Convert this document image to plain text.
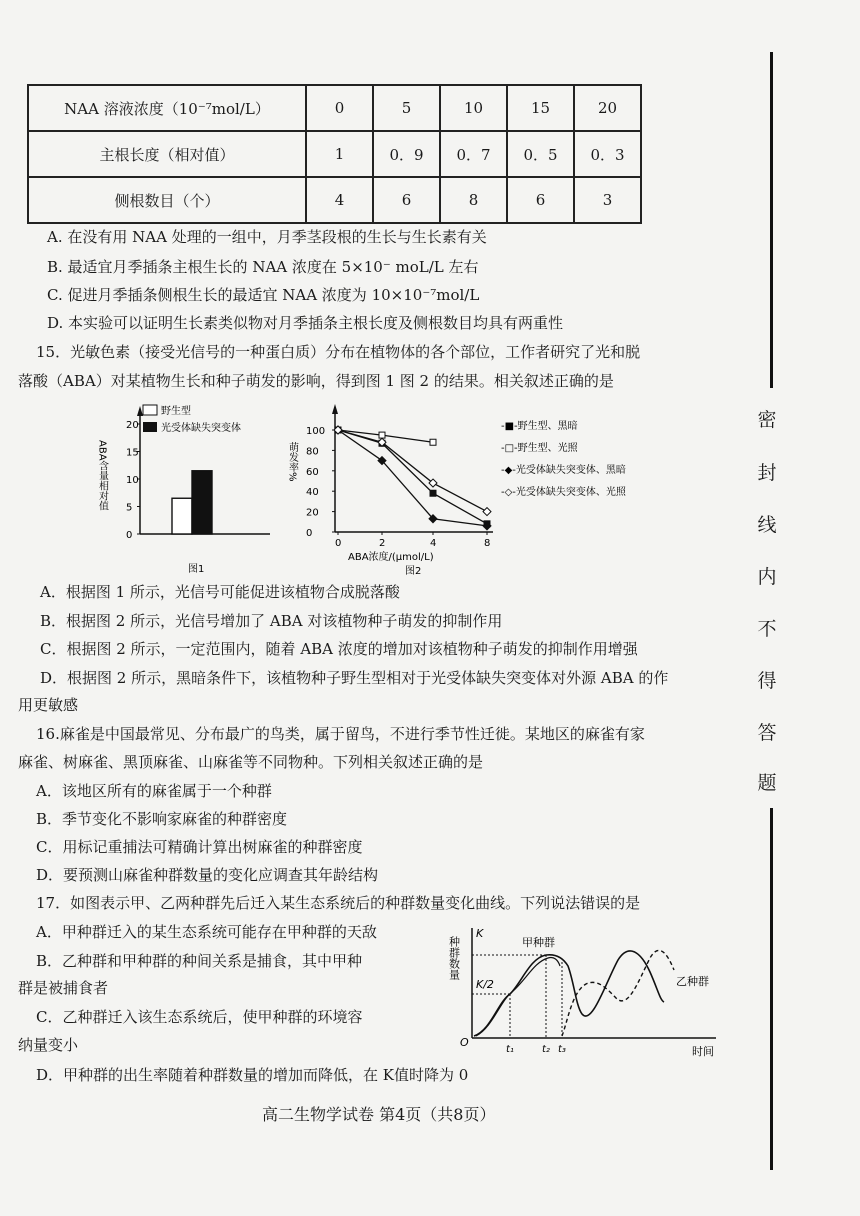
NAA 溶液浓度（10⁻⁷mol/L）	0	5	10	15	20
主根长度（相对值）	1	0．9	0．7	0．5	0．3
侧根数目（个）	4	6	8	6	3
A. 在没有用 NAA 处理的一组中，月季茎段根的生长与生长素有关
B. 最适宜月季插条主根生长的 NAA 浓度在 5×10⁻ moL/L 左右
C. 促进月季插条侧根生长的最适宜 NAA 浓度为 10×10⁻⁷mol/L
D. 本实验可以证明生长素类似物对月季插条主根长度及侧根数目均具有两重性
15．光敏色素（接受光信号的一种蛋白质）分布在植物体的各个部位，工作者研究了光和脱
落酸（ABA）对某植物生长和种子萌发的影响，得到图 1 图 2 的结果。相关叙述正确的是
ABA含量相对值
0
5
10
15
20
野生型
光受体缺失突变体
图1
萌发率%
0
20
40
60
80
100
0	2	4	8
ABA浓度/(μmol/L)
图2
-■-野生型、黑暗
-□-野生型、光照
-◆-光受体缺失突变体、黑暗
-◇-光受体缺失突变体、光照
A．根据图 1 所示，光信号可能促进该植物合成脱落酸
B．根据图 2 所示，光信号增加了 ABA 对该植物种子萌发的抑制作用
C．根据图 2 所示，一定范围内，随着 ABA 浓度的增加对该植物种子萌发的抑制作用增强
D．根据图 2 所示，黑暗条件下，该植物种子野生型相对于光受体缺失突变体对外源 ABA 的作
用更敏感
16.麻雀是中国最常见、分布最广的鸟类，属于留鸟，不进行季节性迁徙。某地区的麻雀有家
麻雀、树麻雀、黑顶麻雀、山麻雀等不同物种。下列相关叙述正确的是
A．该地区所有的麻雀属于一个种群
B．季节变化不影响家麻雀的种群密度
C．用标记重捕法可精确计算出树麻雀的种群密度
D．要预测山麻雀种群数量的变化应调查其年龄结构
17．如图表示甲、乙两种群先后迁入某生态系统后的种群数量变化曲线。下列说法错误的是
A．甲种群迁入的某生态系统可能存在甲种群的天敌
B．乙种群和甲种群的种间关系是捕食，其中甲种
群是被捕食者
C．乙种群迁入该生态系统后，使甲种群的环境容
纳量变小
D．甲种群的出生率随着种群数量的增加而降低，在 K值时降为 0
种群数量
K
K/2
O
甲种群
乙种群
t₁	t₂ t₃	时间
高二生物学试卷 第4页（共8页）
密
封
线
内
不
得
答
题
